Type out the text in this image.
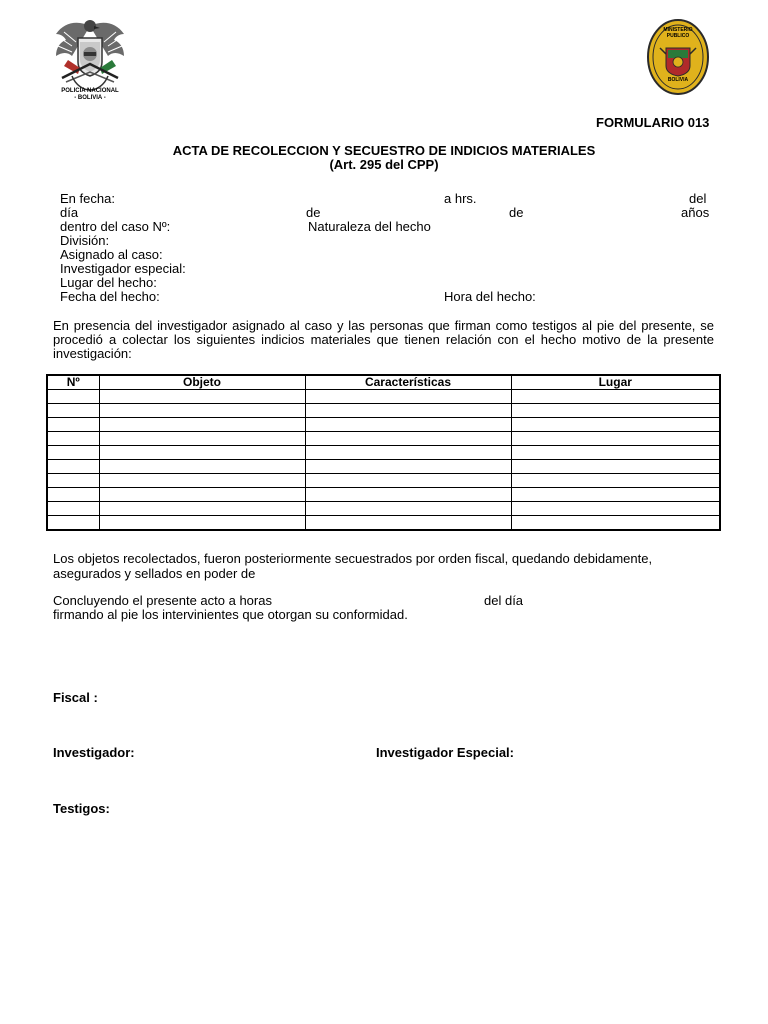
POLICIA NACIONAL
- BOLIVIA -
MINISTERIO
PUBLICO
BOLIVIA
FORMULARIO 013
ACTA DE RECOLECCION Y SECUESTRO DE INDICIOS MATERIALES
(Art. 295 del CPP)
En fecha:	a hrs.	del
día	de	de	años
dentro del caso Nº:	Naturaleza del hecho
División:
Asignado al caso:
Investigador especial:
Lugar del hecho:
Fecha del hecho:	Hora del hecho:
En presencia del investigador asignado al caso y las personas que firman como testigos al pie del presente, se procedió a colectar los siguientes indicios materiales que tienen relación con el hecho motivo de la presente investigación:
Nº	Objeto	Características	Lugar

Los objetos recolectados, fueron posteriormente secuestrados por orden fiscal, quedando debidamente,
asegurados y sellados en poder de
Concluyendo el presente acto a horas	del día
firmando al pie los intervinientes que otorgan su conformidad.
Fiscal :
Investigador:	Investigador Especial:
Testigos:
